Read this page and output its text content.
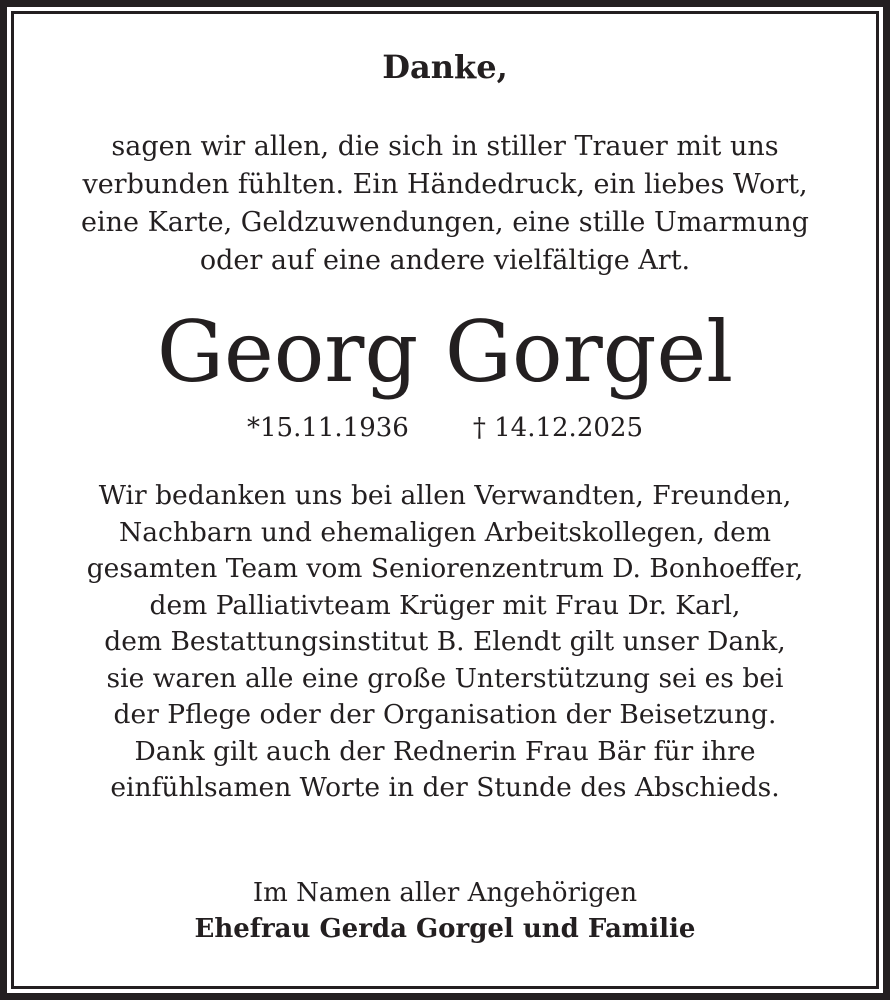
Danke,
sagen wir allen, die sich in stiller Trauer mit uns
verbunden fühlten. Ein Händedruck, ein liebes Wort,
eine Karte, Geldzuwendungen, eine stille Umarmung
oder auf eine andere vielfältige Art.
Georg Gorgel
*15.11.1936 † 14.12.2025
Wir bedanken uns bei allen Verwandten, Freunden,
Nachbarn und ehemaligen Arbeitskollegen, dem
gesamten Team vom Seniorenzentrum D. Bonhoeffer,
dem Palliativteam Krüger mit Frau Dr. Karl,
dem Bestattungsinstitut B. Elendt gilt unser Dank,
sie waren alle eine große Unterstützung sei es bei
der Pflege oder der Organisation der Beisetzung.
Dank gilt auch der Rednerin Frau Bär für ihre
einfühlsamen Worte in der Stunde des Abschieds.
Im Namen aller Angehörigen
Ehefrau Gerda Gorgel und Familie
